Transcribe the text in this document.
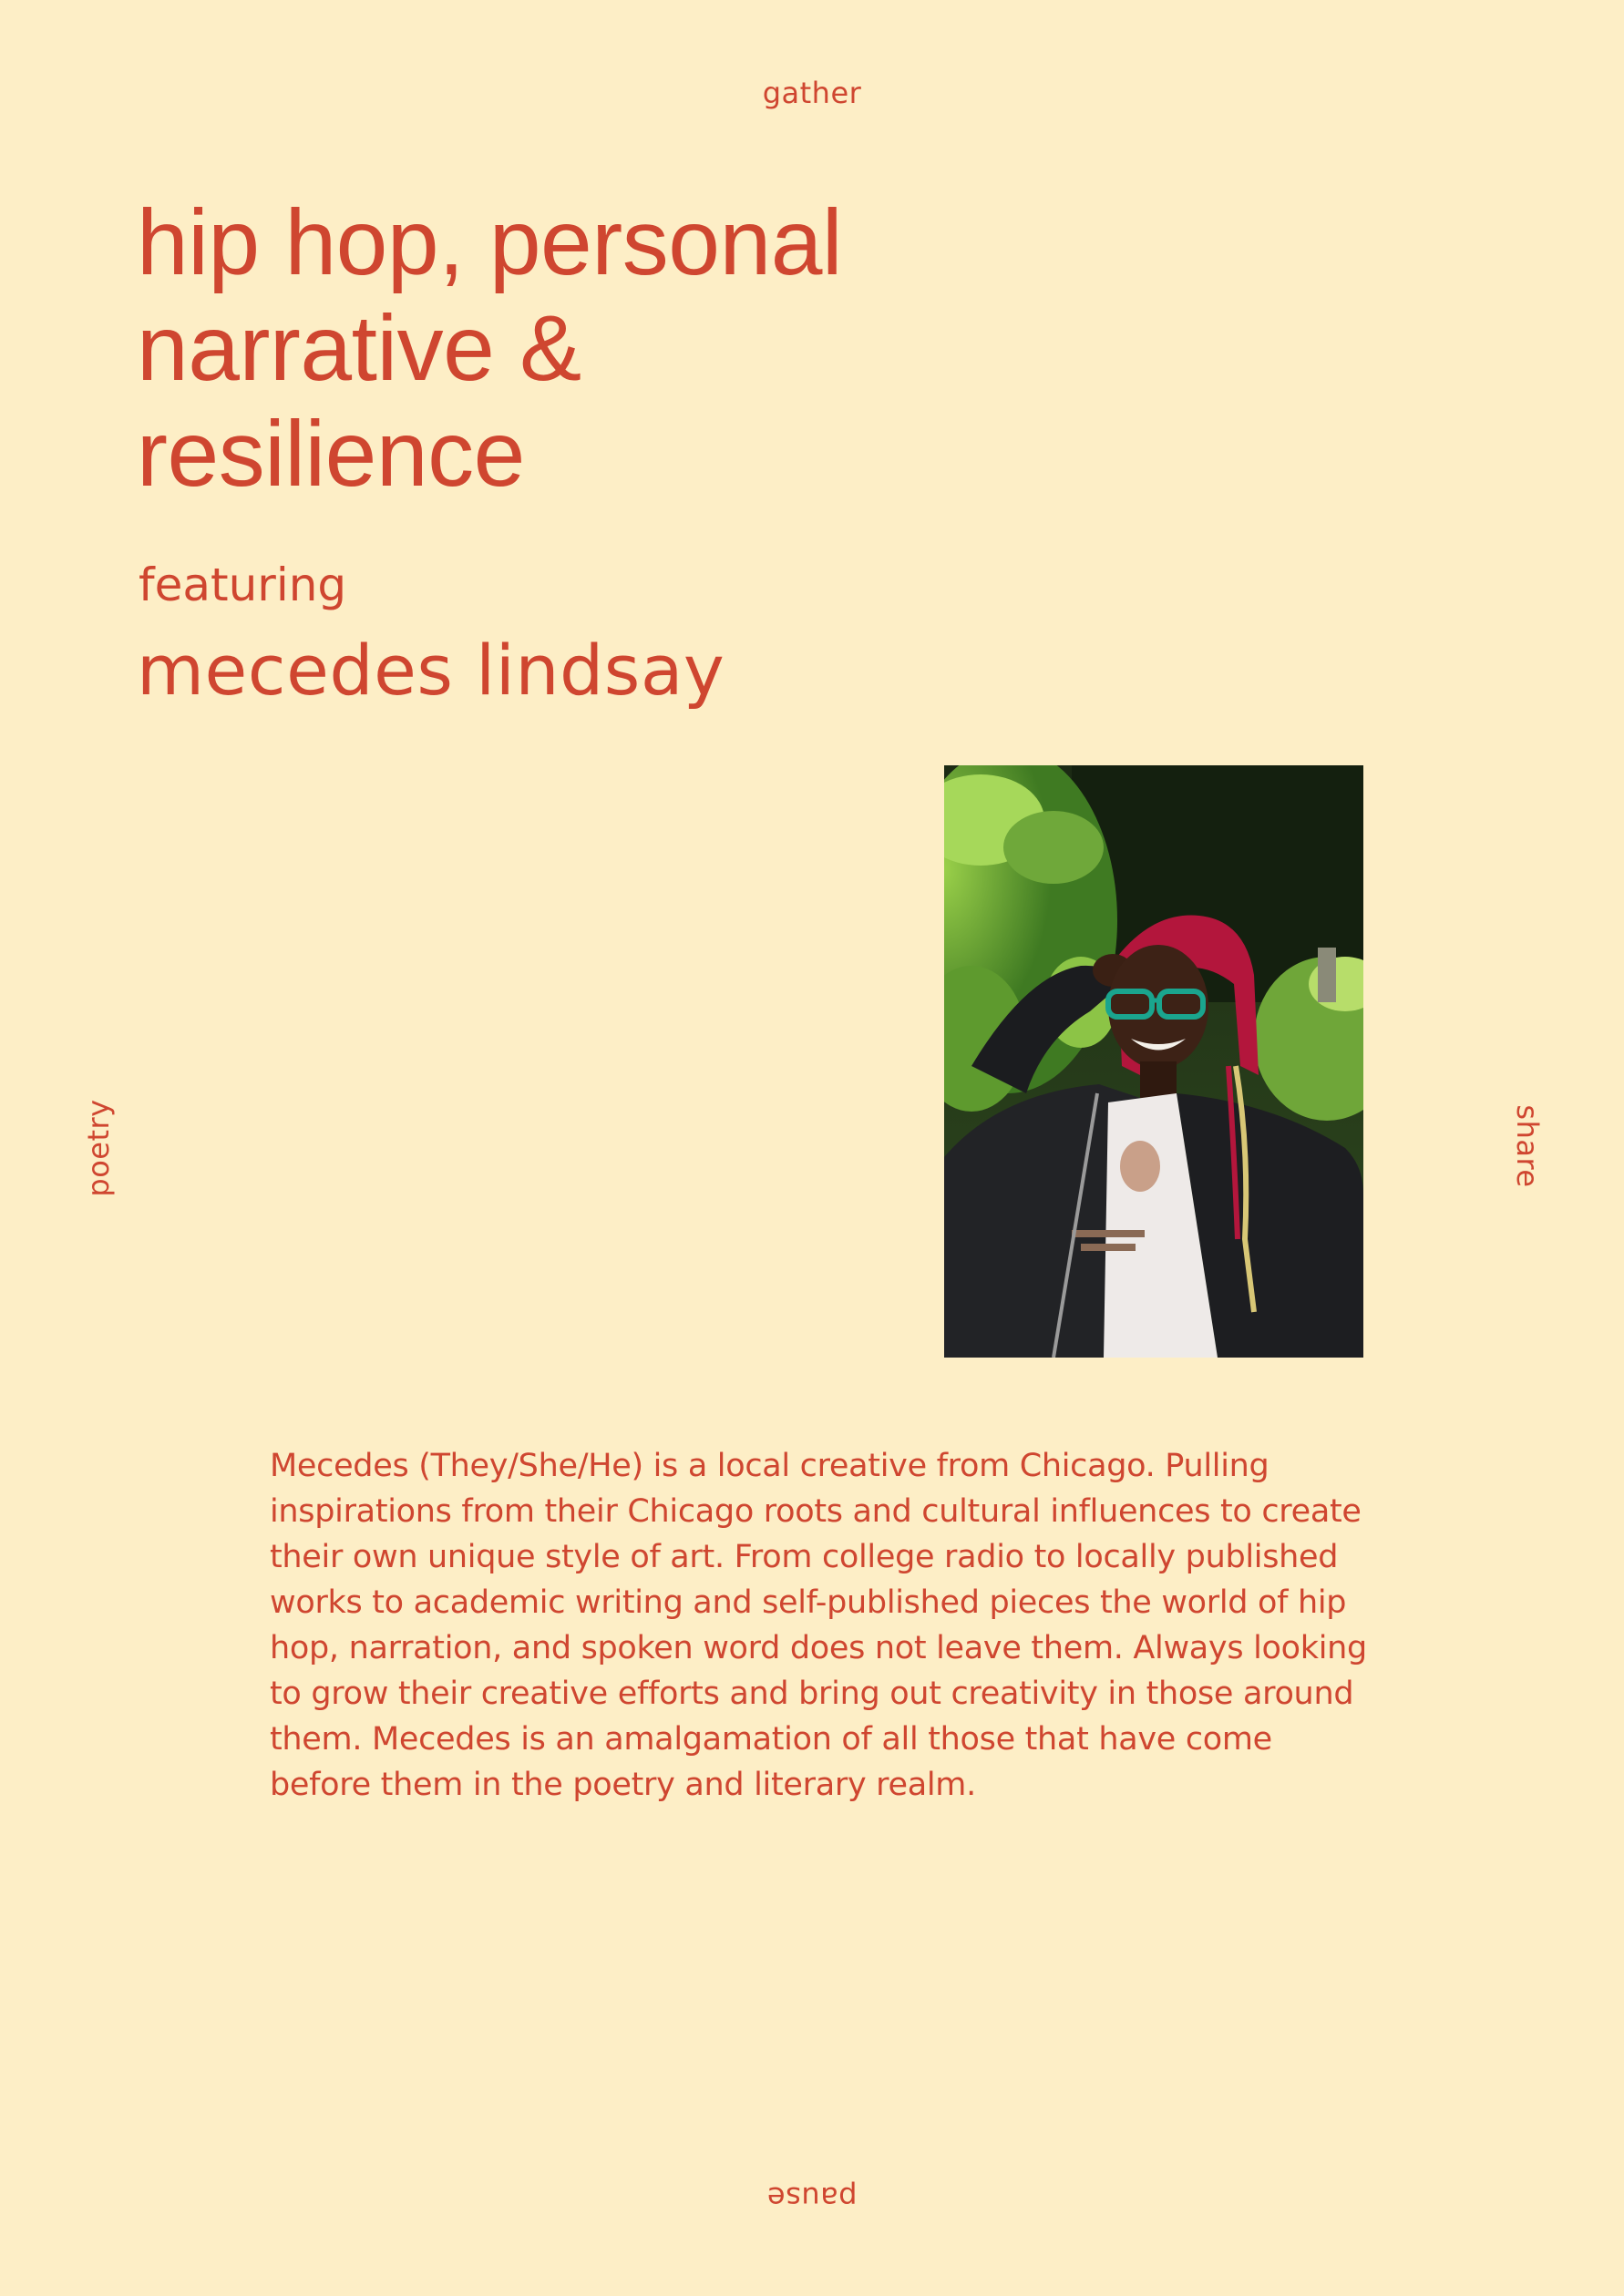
gather
poetry	share
pause
hip hop, personal narrative & resilience
featuring
mecedes lindsay

Mecedes (They/She/He) is a local creative from Chicago. Pulling inspirations from their Chicago roots and cultural influences to create their own unique style of art. From college radio to locally published works to academic writing and self-published pieces the world of hip hop, narration, and spoken word does not leave them. Always looking to grow their creative efforts and bring out creativity in those around them. Mecedes is an amalgamation of all those that have come before them in the poetry and literary realm.
